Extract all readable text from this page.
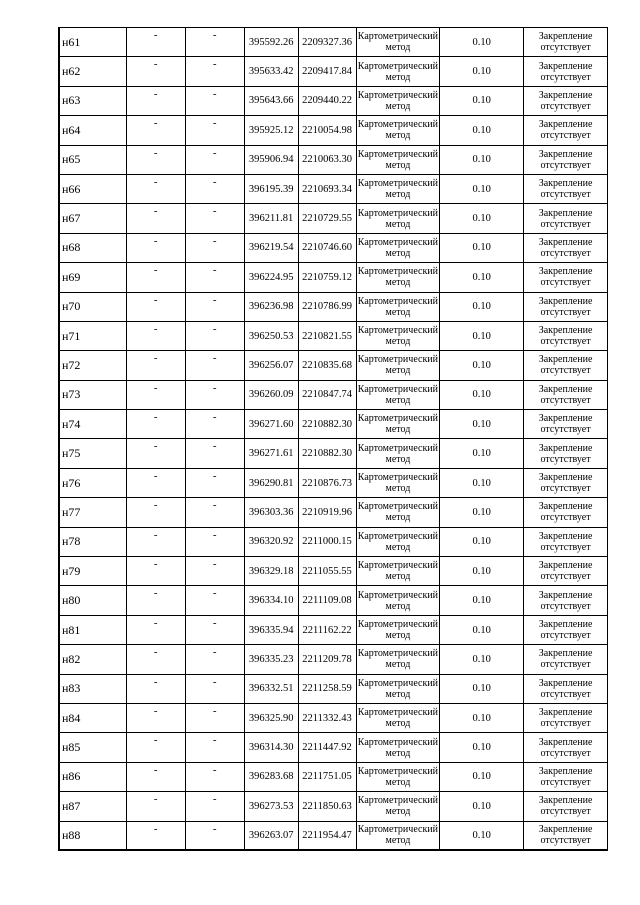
н61	-	-	395592.26	2209327.36	Картометрический метод	0.10	Закрепление отсутствует
н62	-	-	395633.42	2209417.84	Картометрический метод	0.10	Закрепление отсутствует
н63	-	-	395643.66	2209440.22	Картометрический метод	0.10	Закрепление отсутствует
н64	-	-	395925.12	2210054.98	Картометрический метод	0.10	Закрепление отсутствует
н65	-	-	395906.94	2210063.30	Картометрический метод	0.10	Закрепление отсутствует
н66	-	-	396195.39	2210693.34	Картометрический метод	0.10	Закрепление отсутствует
н67	-	-	396211.81	2210729.55	Картометрический метод	0.10	Закрепление отсутствует
н68	-	-	396219.54	2210746.60	Картометрический метод	0.10	Закрепление отсутствует
н69	-	-	396224.95	2210759.12	Картометрический метод	0.10	Закрепление отсутствует
н70	-	-	396236.98	2210786.99	Картометрический метод	0.10	Закрепление отсутствует
н71	-	-	396250.53	2210821.55	Картометрический метод	0.10	Закрепление отсутствует
н72	-	-	396256.07	2210835.68	Картометрический метод	0.10	Закрепление отсутствует
н73	-	-	396260.09	2210847.74	Картометрический метод	0.10	Закрепление отсутствует
н74	-	-	396271.60	2210882.30	Картометрический метод	0.10	Закрепление отсутствует
н75	-	-	396271.61	2210882.30	Картометрический метод	0.10	Закрепление отсутствует
н76	-	-	396290.81	2210876.73	Картометрический метод	0.10	Закрепление отсутствует
н77	-	-	396303.36	2210919.96	Картометрический метод	0.10	Закрепление отсутствует
н78	-	-	396320.92	2211000.15	Картометрический метод	0.10	Закрепление отсутствует
н79	-	-	396329.18	2211055.55	Картометрический метод	0.10	Закрепление отсутствует
н80	-	-	396334.10	2211109.08	Картометрический метод	0.10	Закрепление отсутствует
н81	-	-	396335.94	2211162.22	Картометрический метод	0.10	Закрепление отсутствует
н82	-	-	396335.23	2211209.78	Картометрический метод	0.10	Закрепление отсутствует
н83	-	-	396332.51	2211258.59	Картометрический метод	0.10	Закрепление отсутствует
н84	-	-	396325.90	2211332.43	Картометрический метод	0.10	Закрепление отсутствует
н85	-	-	396314.30	2211447.92	Картометрический метод	0.10	Закрепление отсутствует
н86	-	-	396283.68	2211751.05	Картометрический метод	0.10	Закрепление отсутствует
н87	-	-	396273.53	2211850.63	Картометрический метод	0.10	Закрепление отсутствует
н88	-	-	396263.07	2211954.47	Картометрический метод	0.10	Закрепление отсутствует
